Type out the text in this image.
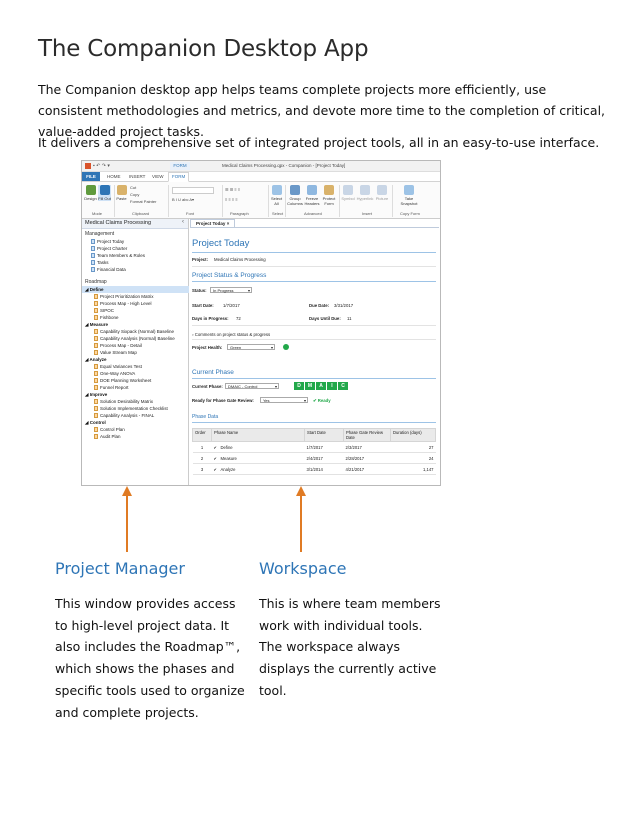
The Companion Desktop App
The Companion desktop app helps teams complete projects more efficiently, use consistent methodologies and metrics, and devote more time to the completion of critical, value-added project tasks.
It delivers a comprehensive set of integrated project tools, all in an easy-to-use interface.
▪ ↶ ↷ ▾	FORM	Medical Claims Processing.qpx - Companion - [Project Today]
FILE	HOME INSERT VIEW	FORM
Design Fill Out
Mode
Paste
Cut
Copy
Format Painter
Clipboard
B I U abc A▾
Font
☰ ☰ ≡ ≡
≡ ≡ ≡ ≡
Paragraph
Select All
Select
Group Columns
Freeze Headers
Protect Form
Advanced
Symbol Hyperlink Picture
Insert
Take Snapshot
Copy Form
Medical Claims Processing	‹
Management
Project Today
Project Charter
Team Members & Roles
Tasks
Financial Data
Roadmap
◢ Define
Project Prioritization Matrix
Process Map - High Level
SIPOC
Fishbone
◢ Measure
Capability Sixpack (Normal) Baseline
Capability Analysis (Normal) Baseline
Process Map - Detail
Value Stream Map
◢ Analyze
Equal Variances Test
One-Way ANOVA
DOE Planning Worksheet
Funnel Report
◢ Improve
Solution Desirability Matrix
Solution Implementation Checklist
Capability Analysis - FINAL
◢ Control
Control Plan
Audit Plan
Project Today ×
Project Today
Project: Medical Claims Processing
Project Status & Progress
Status:	In Progress ▾
Start Date: 1/7/2017	Due Date: 3/31/2017
Days in Progress: 72	Days Until Due: 11
▫ Comments on project status & progress
Project Health:	Green ▾
Current Phase
Current Phase:	DMAIC - Control ▾	D	M	A	I	C
Ready for Phase Gate Review:	Yes ▾	✔ Ready
Phase Data
Order	Phase Name	Start Date	Phase Gate Review Date	Duration (days)
1	✔ Define	1/7/2017	2/3/2017	27
2	✔ Measure	2/4/2017	2/28/2017	24
3	✔ Analyze	3/1/2014	4/21/2017	1,147
Project Manager
This window provides access
to high-level project data. It
also includes the Roadmap™,
which shows the phases and
specific tools used to organize
and complete projects.
Workspace
This is where team members
work with individual tools.
The workspace always
displays the currently active
tool.
